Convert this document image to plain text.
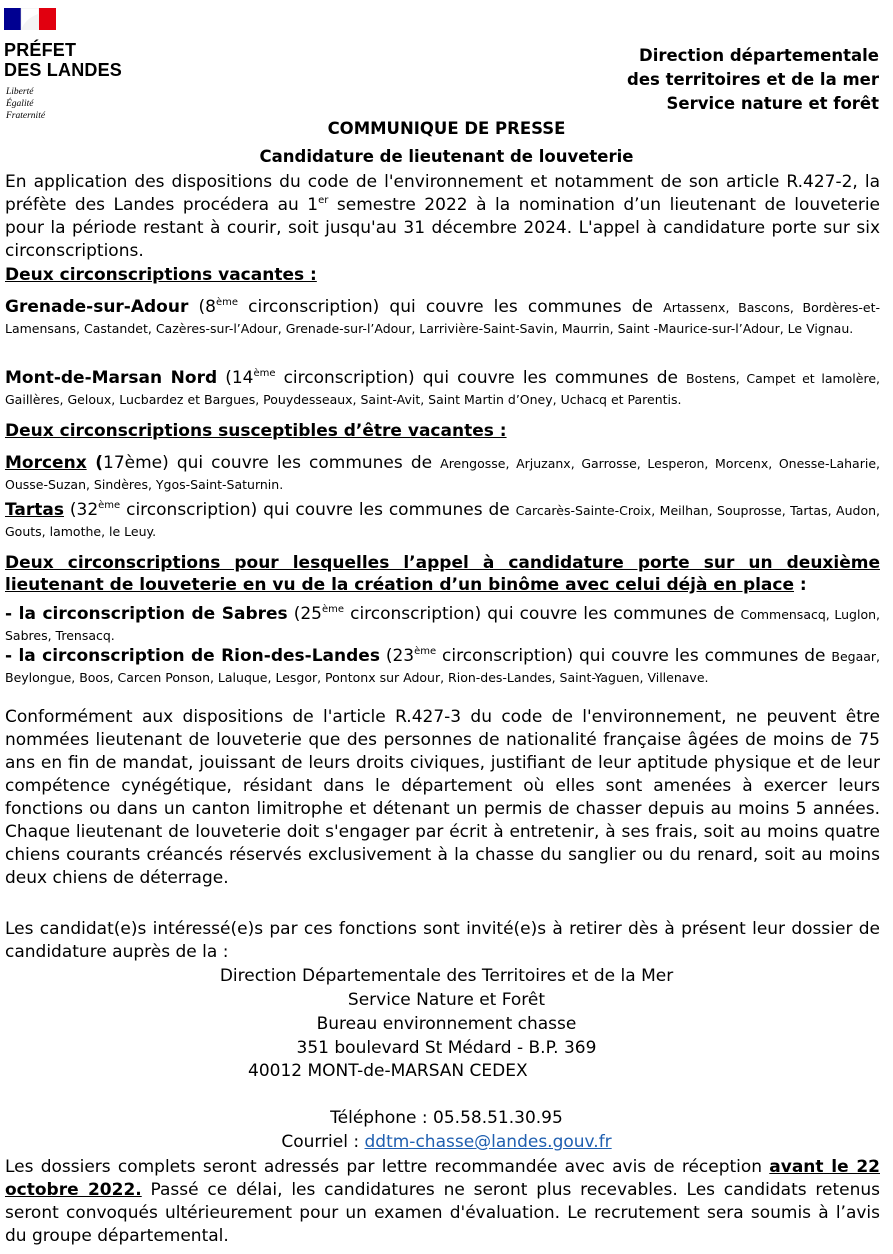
PRÉFET
DES LANDES
Liberté
Égalité
Fraternité
Direction départementale
des territoires et de la mer
Service nature et forêt
COMMUNIQUE DE PRESSE
Candidature de lieutenant de louveterie
En application des dispositions du code de l'environnement et notamment de son article R.427-2, la préfète des Landes procédera au 1er semestre 2022 à la nomination d’un lieutenant de louveterie pour la période restant à courir, soit jusqu'au 31 décembre 2024. L'appel à candidature porte sur six circonscriptions.
Deux circonscriptions vacantes :
Grenade-sur-Adour (8ème circonscription) qui couvre les communes de Artassenx, Bascons, Bordères-et-Lamensans, Castandet, Cazères-sur-l’Adour, Grenade-sur-l’Adour, Larrivière-Saint-Savin, Maurrin, Saint -Maurice-sur-l’Adour, Le Vignau.
Mont-de-Marsan Nord (14ème circonscription) qui couvre les communes de Bostens, Campet et lamolère, Gaillères, Geloux, Lucbardez et Bargues, Pouydesseaux, Saint-Avit, Saint Martin d’Oney, Uchacq et Parentis.
Deux circonscriptions susceptibles d’être vacantes :
Morcenx (17ème) qui couvre les communes de Arengosse, Arjuzanx, Garrosse, Lesperon, Morcenx, Onesse-Laharie, Ousse-Suzan, Sindères, Ygos-Saint-Saturnin.
Tartas (32ème circonscription) qui couvre les communes de Carcarès-Sainte-Croix, Meilhan, Souprosse, Tartas, Audon, Gouts, lamothe, le Leuy.
Deux circonscriptions pour lesquelles l’appel à candidature porte sur un deuxième lieutenant de louveterie en vu de la création d’un binôme avec celui déjà en place :
- la circonscription de Sabres (25ème circonscription) qui couvre les communes de Commensacq, Luglon, Sabres, Trensacq.
- la circonscription de Rion-des-Landes (23ème circonscription) qui couvre les communes de Begaar, Beylongue, Boos, Carcen Ponson, Laluque, Lesgor, Pontonx sur Adour, Rion-des-Landes, Saint-Yaguen, Villenave.
Conformément aux dispositions de l'article R.427-3 du code de l'environnement, ne peuvent être nommées lieutenant de louveterie que des personnes de nationalité française âgées de moins de 75 ans en fin de mandat, jouissant de leurs droits civiques, justifiant de leur aptitude physique et de leur compétence cynégétique, résidant dans le département où elles sont amenées à exercer leurs fonctions ou dans un canton limitrophe et détenant un permis de chasser depuis au moins 5 années. Chaque lieutenant de louveterie doit s'engager par écrit à entretenir, à ses frais, soit au moins quatre chiens courants créancés réservés exclusivement à la chasse du sanglier ou du renard, soit au moins deux chiens de déterrage.
Les candidat(e)s intéressé(e)s par ces fonctions sont invité(e)s à retirer dès à présent leur dossier de candidature auprès de la :
Direction Départementale des Territoires et de la Mer
Service Nature et Forêt
Bureau environnement chasse
351 boulevard St Médard - B.P. 369
40012 MONT-de-MARSAN CEDEX
Téléphone : 05.58.51.30.95
Courriel : ddtm-chasse@landes.gouv.fr
Les dossiers complets seront adressés par lettre recommandée avec avis de réception avant le 22 octobre 2022. Passé ce délai, les candidatures ne seront plus recevables. Les candidats retenus seront convoqués ultérieurement pour un examen d'évaluation. Le recrutement sera soumis à l’avis du groupe départemental.
